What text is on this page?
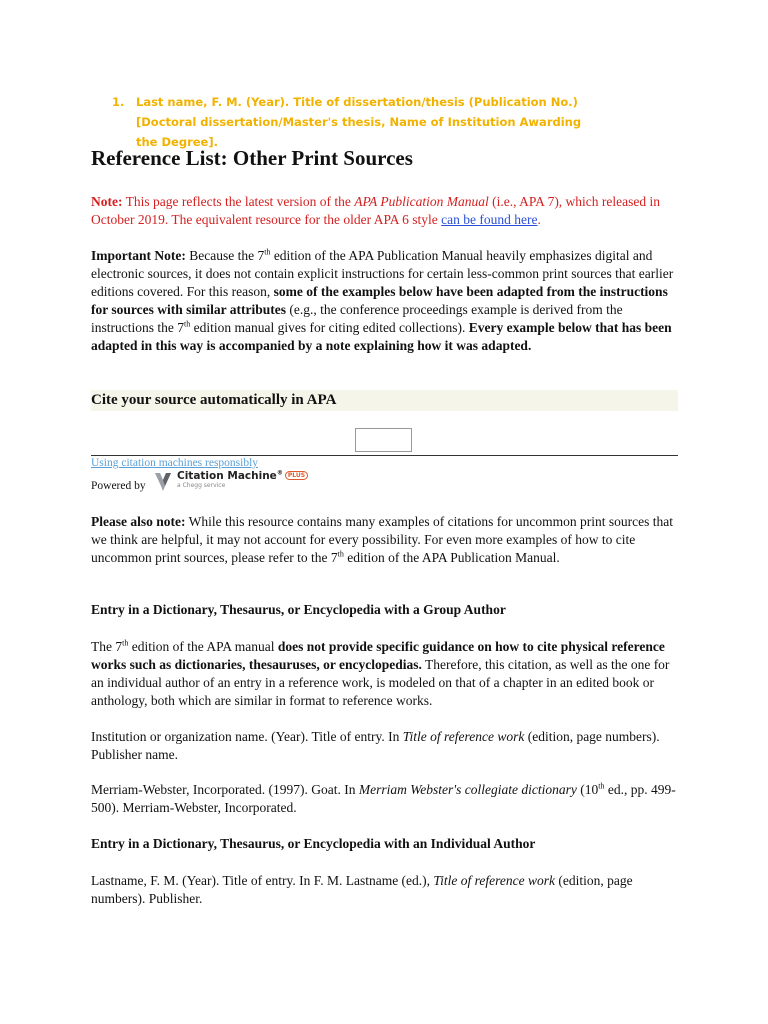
1.	Last name, F. M. (Year). Title of dissertation/thesis (Publication No.) [Doctoral dissertation/Master's thesis, Name of Institution Awarding the Degree].
Reference List: Other Print Sources
Note: This page reflects the latest version of the APA Publication Manual (i.e., APA 7), which released in October 2019. The equivalent resource for the older APA 6 style can be found here.
Important Note: Because the 7th edition of the APA Publication Manual heavily emphasizes digital and electronic sources, it does not contain explicit instructions for certain less-common print sources that earlier editions covered. For this reason, some of the examples below have been adapted from the instructions for sources with similar attributes (e.g., the conference proceedings example is derived from the instructions the 7th edition manual gives for citing edited collections). Every example below that has been adapted in this way is accompanied by a note explaining how it was adapted.
Cite your source automatically in APA
Using citation machines responsibly
Powered by
Citation Machine® PLUS
a Chegg service
Please also note: While this resource contains many examples of citations for uncommon print sources that we think are helpful, it may not account for every possibility. For even more examples of how to cite uncommon print sources, please refer to the 7th edition of the APA Publication Manual.
Entry in a Dictionary, Thesaurus, or Encyclopedia with a Group Author
The 7th edition of the APA manual does not provide specific guidance on how to cite physical reference works such as dictionaries, thesauruses, or encyclopedias. Therefore, this citation, as well as the one for an individual author of an entry in a reference work, is modeled on that of a chapter in an edited book or anthology, both which are similar in format to reference works.
Institution or organization name. (Year). Title of entry. In Title of reference work (edition, page numbers). Publisher name.
Merriam-Webster, Incorporated. (1997). Goat. In Merriam Webster's collegiate dictionary (10th ed., pp. 499-500). Merriam-Webster, Incorporated.
Entry in a Dictionary, Thesaurus, or Encyclopedia with an Individual Author
Lastname, F. M. (Year). Title of entry. In F. M. Lastname (ed.), Title of reference work (edition, page numbers). Publisher.
